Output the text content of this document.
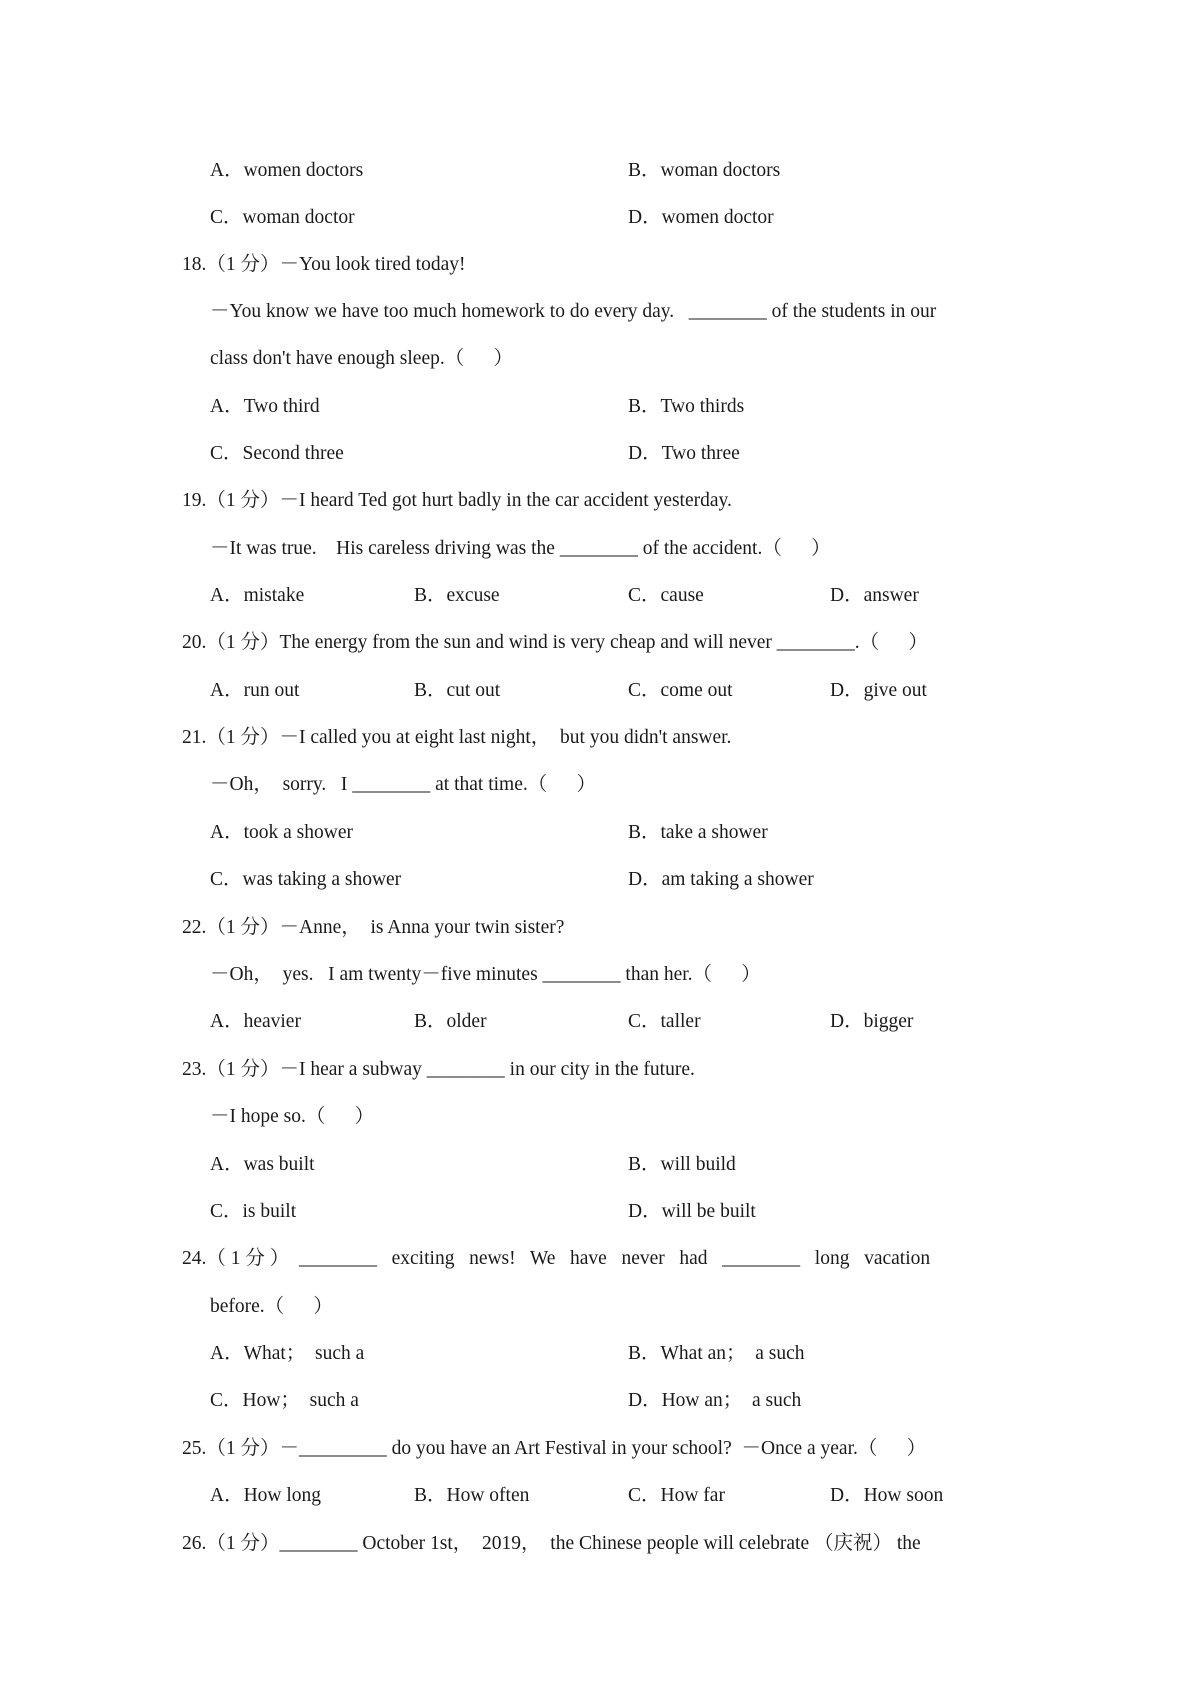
A．women doctors	B．woman doctors
C．woman doctor	D．women doctor
18.（1 分）－You look tired today!
－You know we have too much homework to do every day.   ________ of the students in our
class don't have enough sleep.（      ）
A．Two third	B．Two thirds
C．Second three	D．Two three
19.（1 分）－I heard Ted got hurt badly in the car accident yesterday.
－It was true.    His careless driving was the ________ of the accident.（      ）
A．mistake	B．excuse	C．cause	D．answer
20.（1 分）The energy from the sun and wind is very cheap and will never ________.（      ）
A．run out	B．cut out	C．come out	D．give out
21.（1 分）－I called you at eight last night，  but you didn't answer.
－Oh，  sorry.   I ________ at that time.（      ）
A．took a shower	B．take a shower
C．was taking a shower	D．am taking a shower
22.（1 分）－Anne，  is Anna your twin sister?
－Oh，  yes.   I am twenty－five minutes ________ than her.（      ）
A．heavier	B．older	C．taller	D．bigger
23.（1 分）－I hear a subway ________ in our city in the future.
－I hope so.（      ）
A．was built	B．will build
C．is built	D．will be built
24.（ 1 分 ）  ________   exciting   news!   We   have   never   had   ________   long   vacation
before.（      ）
A．What；  such a	B．What an；  a such
C．How；  such a	D．How an；  a such
25.（1 分）－_________ do you have an Art Festival in your school?  －Once a year.（      ）
A．How long	B．How often	C．How far	D．How soon
26.（1 分）________ October 1st，  2019，  the Chinese people will celebrate （庆祝） the
